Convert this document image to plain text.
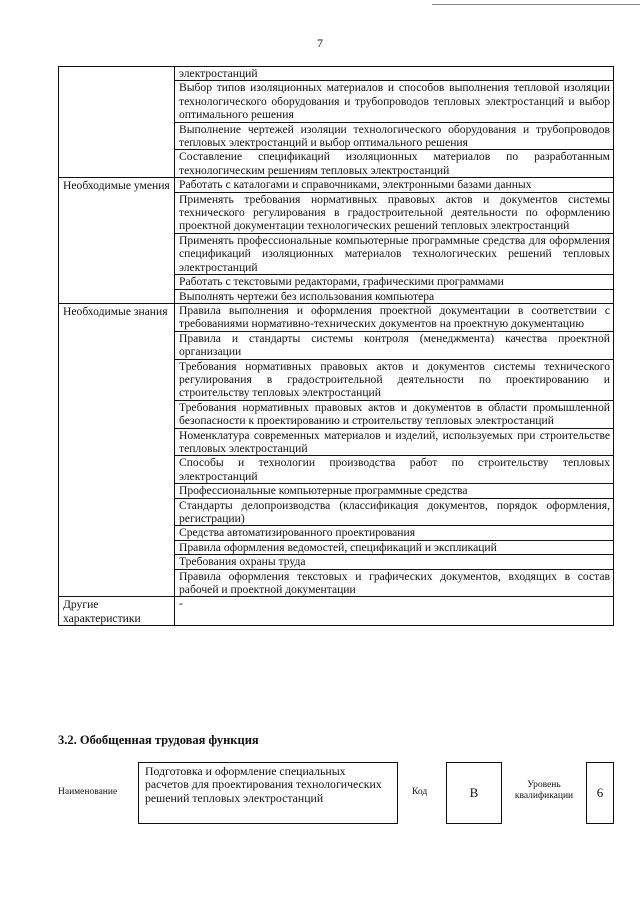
7
	электростанций
	Выбор типов изоляционных материалов и способов выполнения тепловой изоляции технологического оборудования и трубопроводов тепловых электростанций и выбор оптимального решения
	Выполнение чертежей изоляции технологического оборудования и трубопроводов тепловых электростанций и выбор оптимального решения
	Составление спецификаций изоляционных материалов по разработанным технологическим решениям тепловых электростанций
Необходимые умения	Работать с каталогами и справочниками, электронными базами данных
	Применять требования нормативных правовых актов и документов системы технического регулирования в градостроительной деятельности по оформлению проектной документации технологических решений тепловых электростанций
	Применять профессиональные компьютерные программные средства для оформления спецификаций изоляционных материалов технологических решений тепловых электростанций
	Работать с текстовыми редакторами, графическими программами
	Выполнять чертежи без использования компьютера
Необходимые знания	Правила выполнения и оформления проектной документации в соответствии с требованиями нормативно-технических документов на проектную документацию
	Правила и стандарты системы контроля (менеджмента) качества проектной организации
	Требования нормативных правовых актов и документов системы технического регулирования в градостроительной деятельности по проектированию и строительству тепловых электростанций
	Требования нормативных правовых актов и документов в области промышленной безопасности к проектированию и строительству тепловых электростанций
	Номенклатура современных материалов и изделий, используемых при строительстве тепловых электростанций
	Способы и технологии производства работ по строительству тепловых электростанций
	Профессиональные компьютерные программные средства
	Стандарты делопроизводства (классификация документов, порядок оформления, регистрации)
	Средства автоматизированного проектирования
	Правила оформления ведомостей, спецификаций и экспликаций
	Требования охраны труда
	Правила оформления текстовых и графических документов, входящих в состав рабочей и проектной документации
Другие характеристики	-
3.2. Обобщенная трудовая функция
Наименование
Подготовка и оформление специальных расчетов для проектирования технологических решений тепловых электростанций	Код	B	Уровень квалификации	6
